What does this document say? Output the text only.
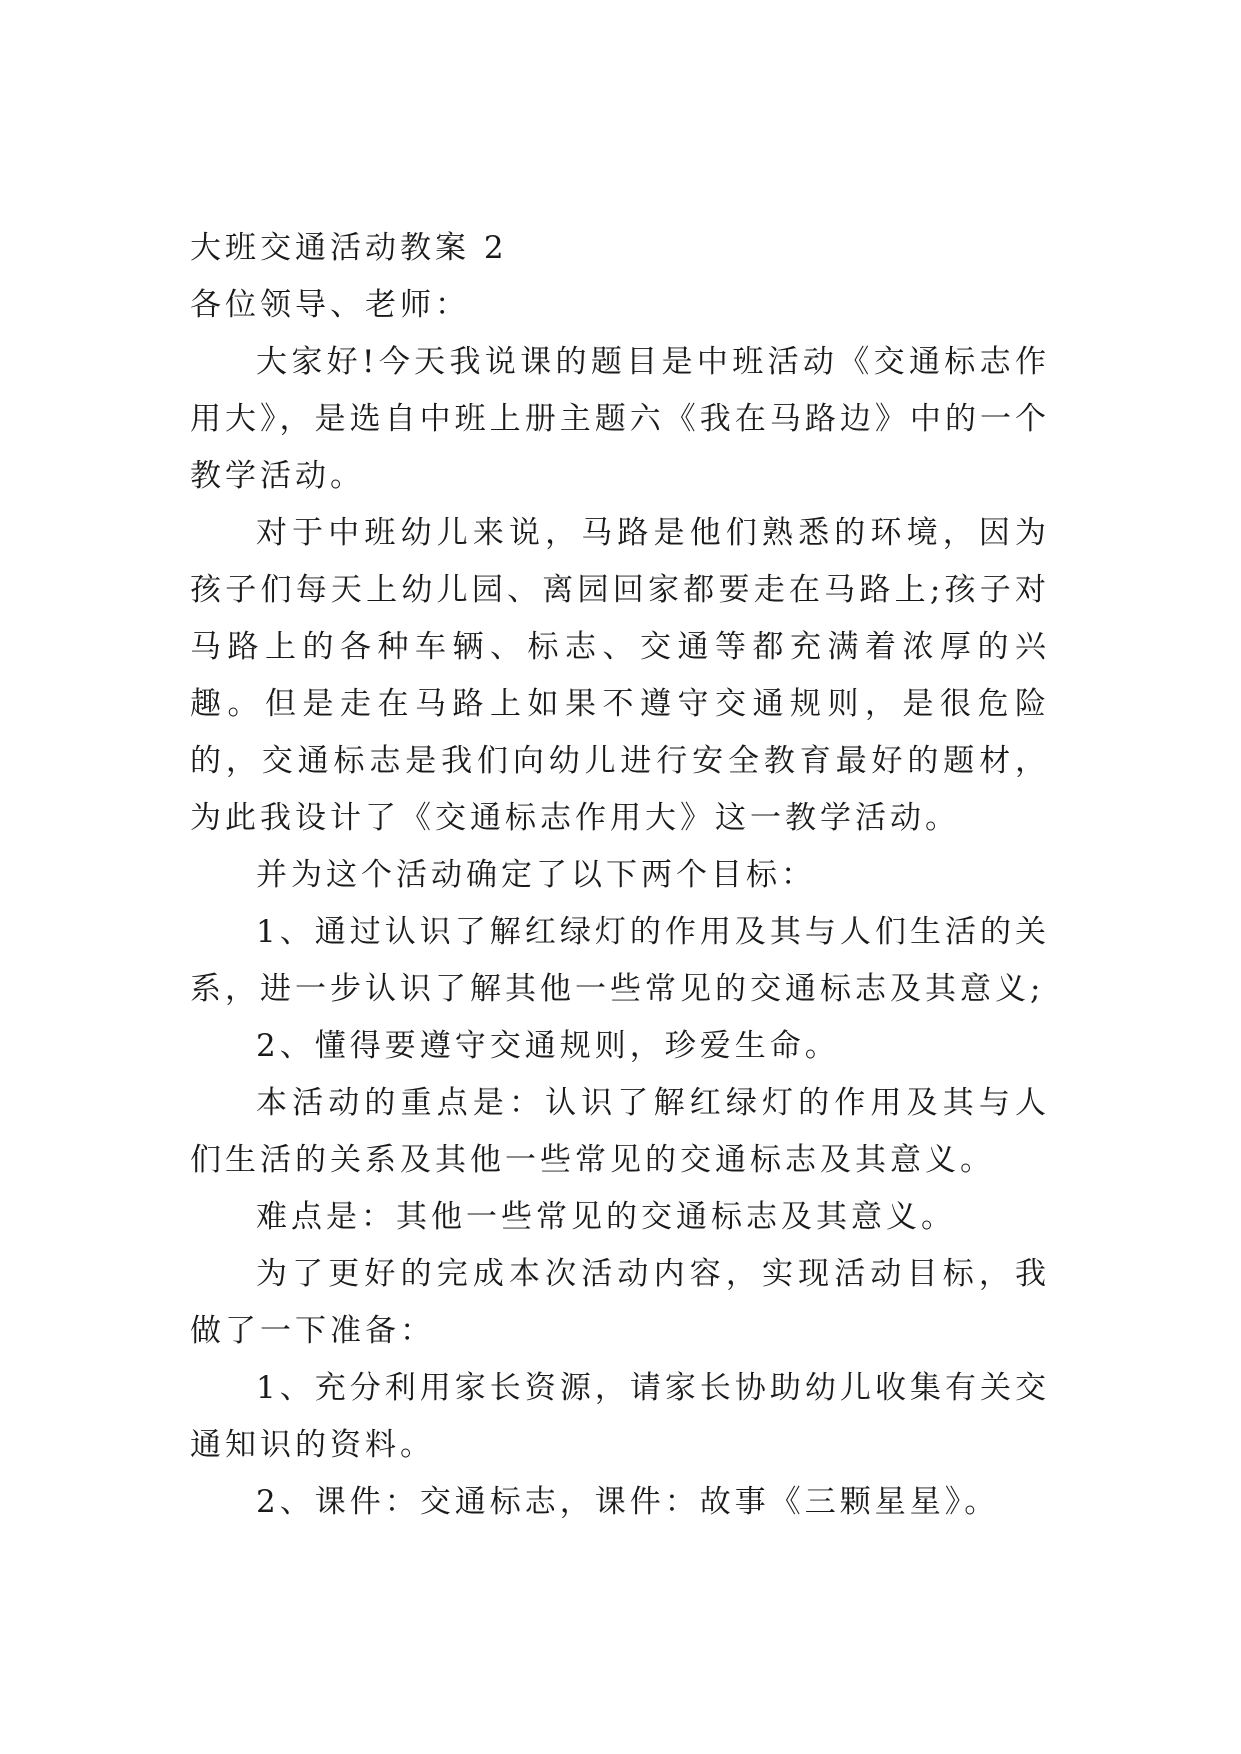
大班交通活动教案 2
各位领导、老师：

大家好!今天我说课的题目是中班活动《交通标志作用大》，是选自中班上册主题六《我在马路边》中的一个教学活动。

对于中班幼儿来说，马路是他们熟悉的环境，因为孩子们每天上幼儿园、离园回家都要走在马路上;孩子对马路上的各种车辆、标志、交通等都充满着浓厚的兴趣。但是走在马路上如果不遵守交通规则，是很危险的，交通标志是我们向幼儿进行安全教育最好的题材，为此我设计了《交通标志作用大》这一教学活动。

并为这个活动确定了以下两个目标：

1、通过认识了解红绿灯的作用及其与人们生活的关系，进一步认识了解其他一些常见的交通标志及其意义;

2、懂得要遵守交通规则，珍爱生命。

本活动的重点是：认识了解红绿灯的作用及其与人们生活的关系及其他一些常见的交通标志及其意义。

难点是：其他一些常见的交通标志及其意义。

为了更好的完成本次活动内容，实现活动目标，我做了一下准备：

1、充分利用家长资源，请家长协助幼儿收集有关交通知识的资料。

2、课件：交通标志，课件：故事《三颗星星》。
